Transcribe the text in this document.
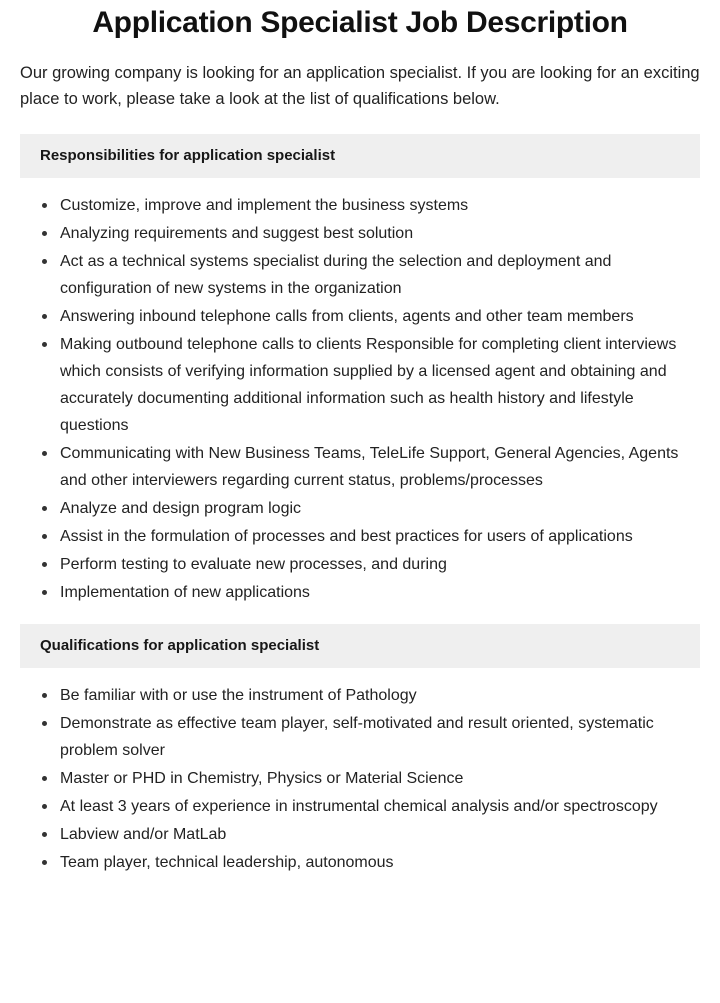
Application Specialist Job Description

Our growing company is looking for an application specialist. If you are looking for an exciting place to work, please take a look at the list of qualifications below.

Responsibilities for application specialist
Customize, improve and implement the business systems
Analyzing requirements and suggest best solution
Act as a technical systems specialist during the selection and deployment and configuration of new systems in the organization
Answering inbound telephone calls from clients, agents and other team members
Making outbound telephone calls to clients Responsible for completing client interviews which consists of verifying information supplied by a licensed agent and obtaining and accurately documenting additional information such as health history and lifestyle questions
Communicating with New Business Teams, TeleLife Support, General Agencies, Agents and other interviewers regarding current status, problems/processes
Analyze and design program logic
Assist in the formulation of processes and best practices for users of applications
Perform testing to evaluate new processes, and during
Implementation of new applications
Qualifications for application specialist
Be familiar with or use the instrument of Pathology
Demonstrate as effective team player, self-motivated and result oriented, systematic problem solver
Master or PHD in Chemistry, Physics or Material Science
At least 3 years of experience in instrumental chemical analysis and/or spectroscopy
Labview and/or MatLab
Team player, technical leadership, autonomous
